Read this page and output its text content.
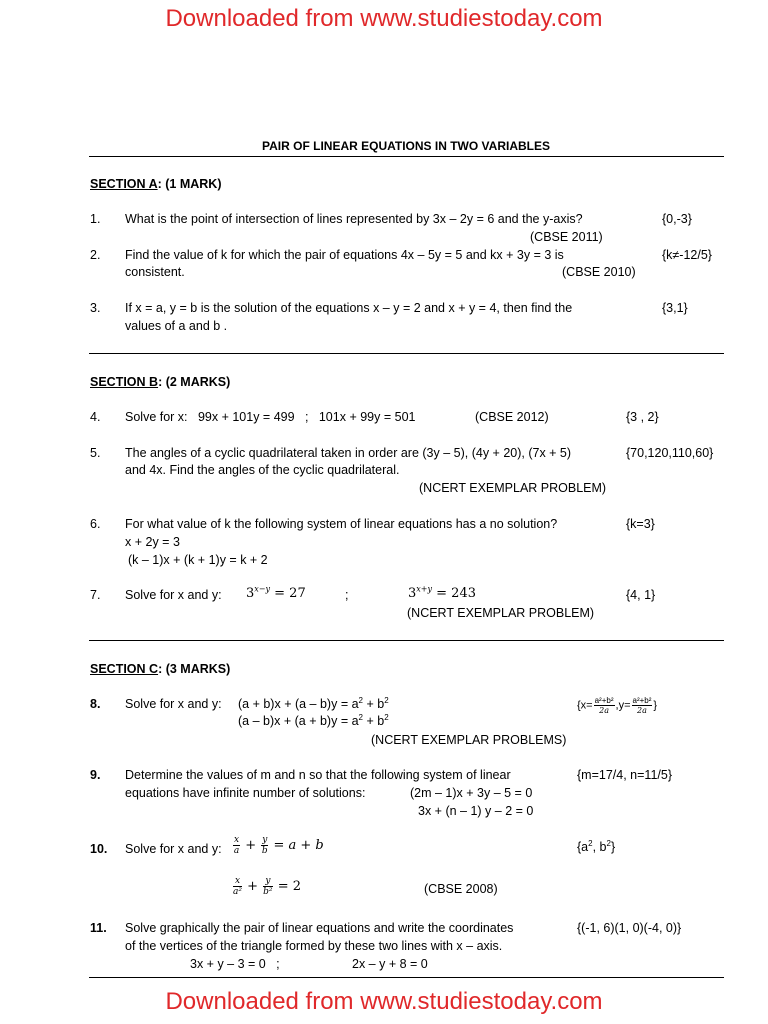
Downloaded from www.studiestoday.com
PAIR OF LINEAR EQUATIONS IN TWO VARIABLES
SECTION A: (1 MARK)
1. What is the point of intersection of lines represented by 3x – 2y = 6 and the y-axis?	{0,-3}
(CBSE 2011)
2. Find the value of k for which the pair of equations 4x – 5y = 5 and kx + 3y = 3 is	{k≠-12/5}
consistent.	(CBSE 2010)
3. If x = a, y = b is the solution of the equations x – y = 2 and x + y = 4, then find the	{3,1}
values of a and b .
SECTION B: (2 MARKS)
4. Solve for x:   99x + 101y = 499   ;   101x + 99y = 501	(CBSE 2012)	{3 , 2}
5. The angles of a cyclic quadrilateral taken in order are (3y – 5), (4y + 20), (7x + 5)	{70,120,110,60}
and 4x. Find the angles of the cyclic quadrilateral.
(NCERT EXEMPLAR PROBLEM)
6. For what value of k the following system of linear equations has a no solution?	{k=3}
x + 2y = 3
(k – 1)x + (k + 1)y = k + 2
7. Solve for x and y: $3^{x-y} = 27$	;	$3^{x+y} = 243$	{4, 1}
(NCERT EXEMPLAR PROBLEM)
SECTION C: (3 MARKS)
8. Solve for x and y: $(a + b)x + (a - b)y = a^2 + b^2$
$(a - b)x + (a + b)y = a^2 + b^2$
{$x= \frac{\text{a²+b²}}{2a} ,y= \frac{\text{a²+b²}}{2a}$ }
(NCERT EXEMPLAR PROBLEMS)
9. Determine the values of m and n so that the following system of linear	{m=17/4, n=11/5}
equations have infinite number of solutions:	(2m – 1)x + 3y – 5 = 0
3x + (n – 1) y – 2 = 0
10. Solve for x and y: $\frac{x}{a} + \frac{y}{b} = a + b$	{$a^2$, $b^2$}
$\frac{x}{\text{a²}} + \frac{y}{\text{b²}} = 2$	(CBSE 2008)
11. Solve graphically the pair of linear equations and write the coordinates	{(-1, 6)(1, 0)(-4, 0)}
of the vertices of the triangle formed by these two lines with x – axis.
3x + y – 3 = 0   ;	2x – y + 8 = 0
Downloaded from www.studiestoday.com
